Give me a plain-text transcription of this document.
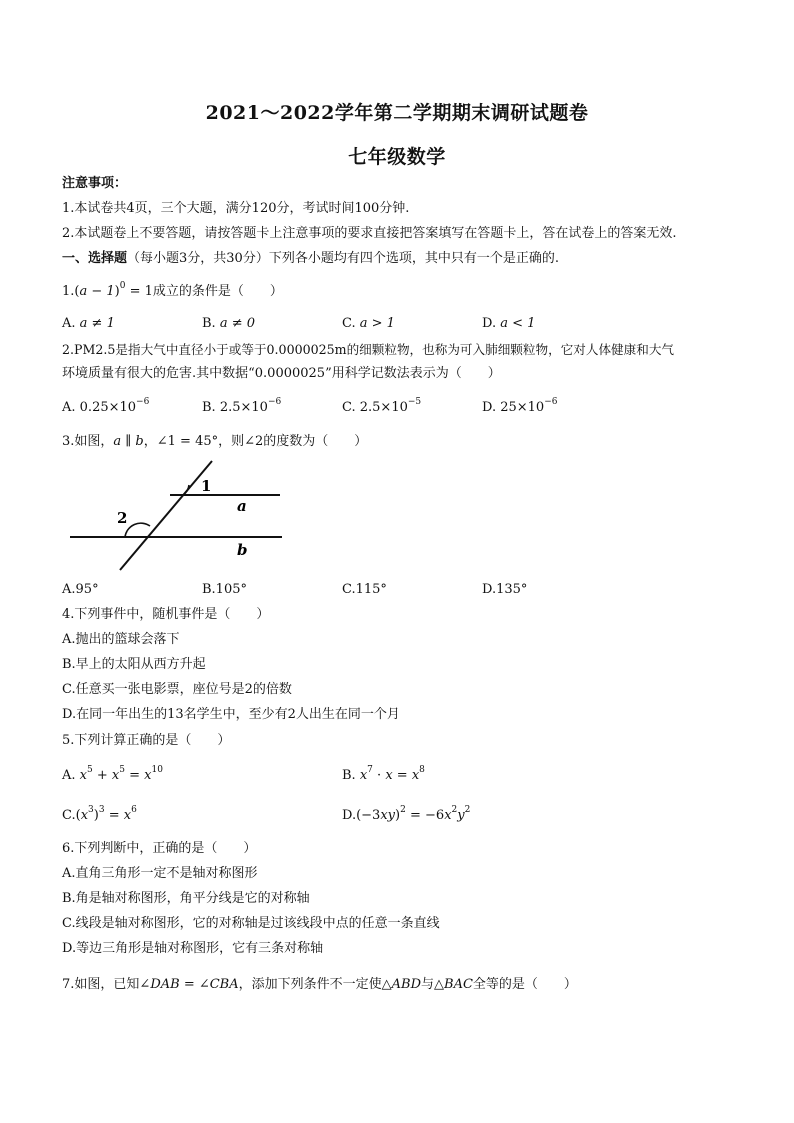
2021～2022学年第二学期期末调研试题卷
七年级数学
注意事项：
1.本试卷共4页，三个大题，满分120分，考试时间100分钟.
2.本试题卷上不要答题，请按答题卡上注意事项的要求直接把答案填写在答题卡上，答在试卷上的答案无效.
一、选择题（每小题3分，共30分）下列各小题均有四个选项，其中只有一个是正确的.
$1.(a - 1)^0 = 1$成立的条件是（　　）
A. a ≠ 1	B. a ≠ 0	C. a > 1	D. a < 1
2.PM2.5是指大气中直径小于或等于0.0000025m的细颗粒物，也称为可入肺细颗粒物，它对人体健康和大气
环境质量有很大的危害.其中数据“0.0000025”用科学记数法表示为（　　）
A. $0.25\times 10^{-6}$	B. $2.5\times 10^{-6}$	C. $2.5\times 10^{-5}$	D. $25\times 10^{-6}$
3.如图，a ∥ b，∠1 = 45°，则∠2的度数为（　　）
1
2
a
b
A.95°	B.105°	C.115°	D.135°
4.下列事件中，随机事件是（　　）
A.抛出的篮球会落下
B.早上的太阳从西方升起
C.任意买一张电影票，座位号是2的倍数
D.在同一年出生的13名学生中，至少有2人出生在同一个月
5.下列计算正确的是（　　）
A. $x^5 + x^5 = x^{10}$	B. $x^7 \cdot x = x^8$
$C.(x^3)^3 = x^6$	$D.(-3xy)^2 = -6x^2y^2$
6.下列判断中，正确的是（　　）
A.直角三角形一定不是轴对称图形
B.角是轴对称图形，角平分线是它的对称轴
C.线段是轴对称图形，它的对称轴是过该线段中点的任意一条直线
D.等边三角形是轴对称图形，它有三条对称轴
7.如图，已知∠DAB = ∠CBA，添加下列条件不一定使△ABD与△BAC全等的是（　　）
